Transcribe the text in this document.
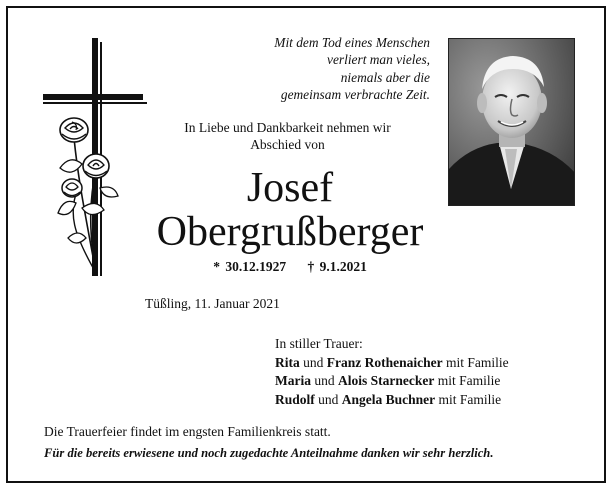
Mit dem Tod eines Menschen
verliert man vieles,
niemals aber die
gemeinsam verbrachte Zeit.
In Liebe und Dankbarkeit nehmen wir
Abschied von
Josef
Obergrußberger
* 30.12.1927 † 9.1.2021
Tüßling, 11. Januar 2021
In stiller Trauer:
Rita und Franz Rothenaicher mit Familie
Maria und Alois Starnecker mit Familie
Rudolf und Angela Buchner mit Familie
Die Trauerfeier findet im engsten Familienkreis statt.
Für die bereits erwiesene und noch zugedachte Anteilnahme danken wir sehr herzlich.
